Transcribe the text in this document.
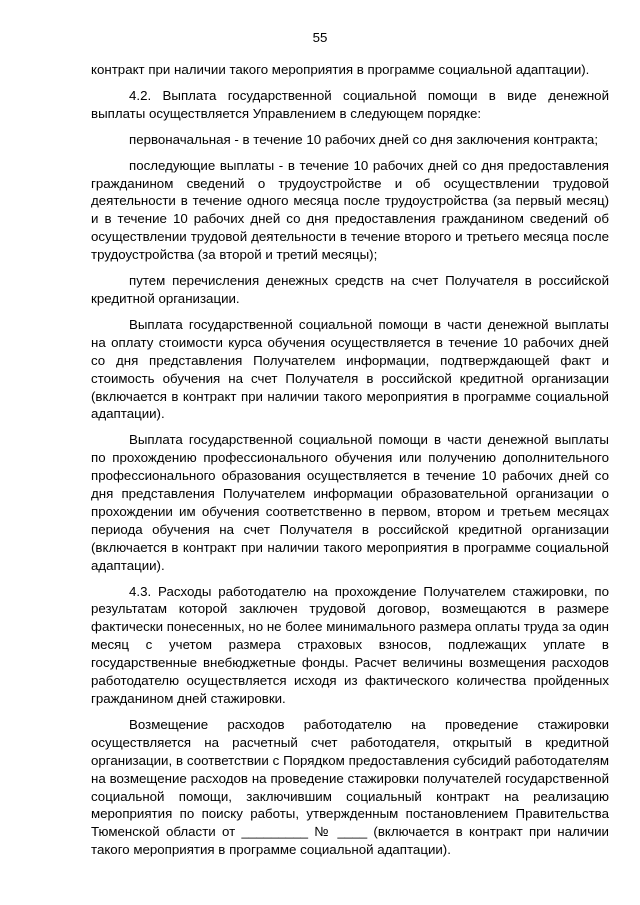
55

контракт при наличии такого мероприятия в программе социальной адаптации).

4.2. Выплата государственной социальной помощи в виде денежной выплаты осуществляется Управлением в следующем порядке:

первоначальная - в течение 10 рабочих дней со дня заключения контракта;

последующие выплаты - в течение 10 рабочих дней со дня предоставления гражданином сведений о трудоустройстве и об осуществлении трудовой деятельности в течение одного месяца после трудоустройства (за первый месяц) и в течение 10 рабочих дней со дня предоставления гражданином сведений об осуществлении трудовой деятельности в течение второго и третьего месяца после трудоустройства (за второй и третий месяцы);

путем перечисления денежных средств на счет Получателя в российской кредитной организации.

Выплата государственной социальной помощи в части денежной выплаты на оплату стоимости курса обучения осуществляется в течение 10 рабочих дней со дня представления Получателем информации, подтверждающей факт и стоимость обучения на счет Получателя в российской кредитной организации (включается в контракт при наличии такого мероприятия в программе социальной адаптации).

Выплата государственной социальной помощи в части денежной выплаты по прохождению профессионального обучения или получению дополнительного профессионального образования осуществляется в течение 10 рабочих дней со дня представления Получателем информации образовательной организации о прохождении им обучения соответственно в первом, втором и третьем месяцах периода обучения на счет Получателя в российской кредитной организации (включается в контракт при наличии такого мероприятия в программе социальной адаптации).

4.3. Расходы работодателю на прохождение Получателем стажировки, по результатам которой заключен трудовой договор, возмещаются в размере фактически понесенных, но не более минимального размера оплаты труда за один месяц с учетом размера страховых взносов, подлежащих уплате в государственные внебюджетные фонды. Расчет величины возмещения расходов работодателю осуществляется исходя из фактического количества пройденных гражданином дней стажировки.

Возмещение расходов работодателю на проведение стажировки осуществляется на расчетный счет работодателя, открытый в кредитной организации, в соответствии с Порядком предоставления субсидий работодателям на возмещение расходов на проведение стажировки получателей государственной социальной помощи, заключившим социальный контракт на реализацию мероприятия по поиску работы, утвержденным постановлением Правительства Тюменской области от _________ № ____ (включается в контракт при наличии такого мероприятия в программе социальной адаптации).
